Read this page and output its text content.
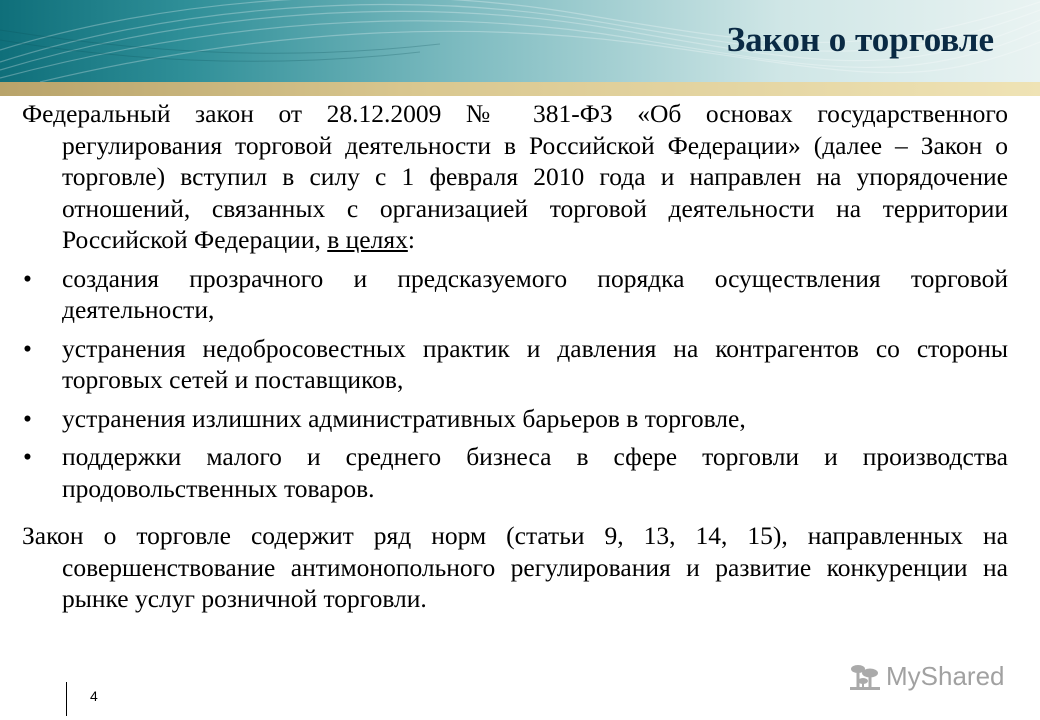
Закон о торговле

Федеральный закон от 28.12.2009 № 381-ФЗ «Об основах государственного регулирования торговой деятельности в Российской Федерации» (далее – Закон о торговле) вступил в силу с 1 февраля 2010 года и направлен на упорядочение отношений, связанных с организацией торговой деятельности на территории Российской Федерации, в целях:

• создания прозрачного и предсказуемого порядка осуществления торговой деятельности,
• устранения недобросовестных практик и давления на контрагентов со стороны торговых сетей и поставщиков,
• устранения излишних административных барьеров в торговле,
• поддержки малого и среднего бизнеса в сфере торговли и производства продовольственных товаров.

Закон о торговле содержит ряд норм (статьи 9, 13, 14, 15), направленных на совершенствование антимонопольного регулирования и развитие конкуренции на рынке услуг розничной торговли.

4
MyShared
